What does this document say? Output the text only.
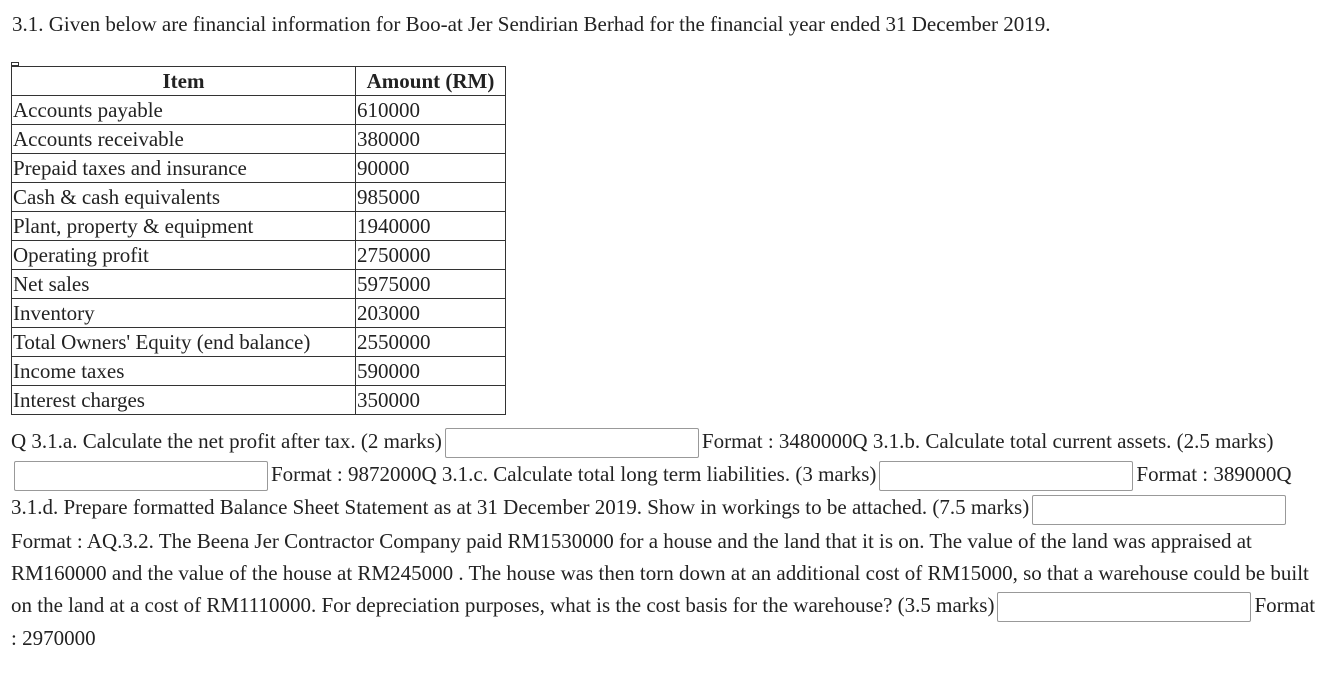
3.1. Given below are financial information for Boo-at Jer Sendirian Berhad for the financial year ended 31 December 2019.
Item	Amount (RM)
Accounts payable	610000
Accounts receivable	380000
Prepaid taxes and insurance	90000
Cash & cash equivalents	985000
Plant, property & equipment	1940000
Operating profit	2750000
Net sales	5975000
Inventory	203000
Total Owners' Equity (end balance)	2550000
Income taxes	590000
Interest charges	350000
Q 3.1.a. Calculate the net profit after tax. (2 marks)	Format : 3480000Q 3.1.b. Calculate total current assets. (2.5 marks)Format : 9872000Q 3.1.c. Calculate total long term liabilities. (3 marks)	Format : 389000Q 3.1.d. Prepare formatted Balance Sheet Statement as at 31 December 2019. Show in workings to be attached. (7.5 marks)Format : AQ.3.2. The Beena Jer Contractor Company paid RM1530000 for a house and the land that it is on. The value of the land was appraised at RM160000 and the value of the house at RM245000 . The house was then torn down at an additional cost of RM15000, so that a warehouse could be built on the land at a cost of RM1110000. For depreciation purposes, what is the cost basis for the warehouse? (3.5 marks)	Format : 2970000
